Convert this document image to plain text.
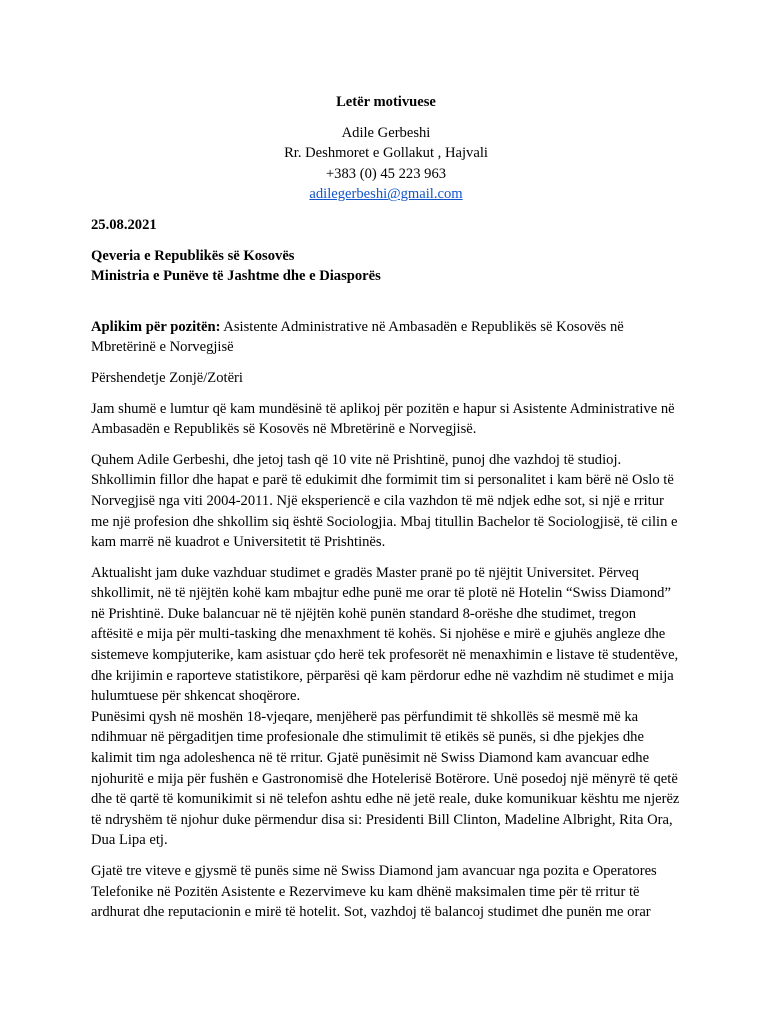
Letër motivuese

Adile Gerbeshi

Rr. Deshmoret e Gollakut , Hajvali

+383 (0) 45 223 963

adilegerbeshi@gmail.com

25.08.2021

Qeveria e Republikës së Kosovës

Ministria e Punëve të Jashtme dhe e Diasporës

Aplikim për pozitën: Asistente Administrative në Ambasadën e Republikës së Kosovës në Mbretërinë e Norvegjisë

Përshendetje Zonjë/Zotëri

Jam shumë e lumtur që kam mundësinë të aplikoj për pozitën e hapur si Asistente Administrative në Ambasadën e Republikës së Kosovës në Mbretërinë e Norvegjisë.

Quhem Adile Gerbeshi, dhe jetoj tash që 10 vite në Prishtinë, punoj dhe vazhdoj të studioj. Shkollimin fillor dhe hapat e parë të edukimit dhe formimit tim si personalitet i kam bërë në Oslo të Norvegjisë nga viti 2004-2011. Një eksperiencë e cila vazhdon të më ndjek edhe sot, si një e rritur me një profesion dhe shkollim siq është Sociologjia. Mbaj titullin Bachelor të Sociologjisë, të cilin e kam marrë në kuadrot e Universitetit të Prishtinës.

Aktualisht jam duke vazhduar studimet e gradës Master pranë po të njëjtit Universitet. Përveq shkollimit, në të njëjtën kohë kam mbajtur edhe punë me orar të plotë në Hotelin “Swiss Diamond” në Prishtinë. Duke balancuar në të njëjtën kohë punën standard 8-orëshe dhe studimet, tregon aftësitë e mija për multi-tasking dhe menaxhment të kohës. Si njohëse e mirë e gjuhës angleze dhe sistemeve kompjuterike, kam asistuar çdo herë tek profesorët në menaxhimin e listave të studentëve, dhe krijimin e raporteve statistikore, përparësi që kam përdorur edhe në vazhdim në studimet e mija hulumtuese për shkencat shoqërore.

Punësimi qysh në moshën 18-vjeqare, menjëherë pas përfundimit të shkollës së mesmë më ka ndihmuar në përgaditjen time profesionale dhe stimulimit të etikës së punës, si dhe pjekjes dhe kalimit tim nga adoleshenca në të rritur. Gjatë punësimit në Swiss Diamond kam avancuar edhe njohuritë e mija për fushën e Gastronomisë dhe Hotelerisë Botërore. Unë posedoj një mënyrë të qetë dhe të qartë të komunikimit si në telefon ashtu edhe në jetë reale, duke komunikuar kështu me njerëz të ndryshëm të njohur duke përmendur disa si: Presidenti Bill Clinton, Madeline Albright, Rita Ora, Dua Lipa etj.

Gjatë tre viteve e gjysmë të punës sime në Swiss Diamond jam avancuar nga pozita e Operatores Telefonike në Pozitën Asistente e Rezervimeve ku kam dhënë maksimalen time për të rritur të ardhurat dhe reputacionin e mirë të hotelit. Sot, vazhdoj të balancoj studimet dhe punën me orar
